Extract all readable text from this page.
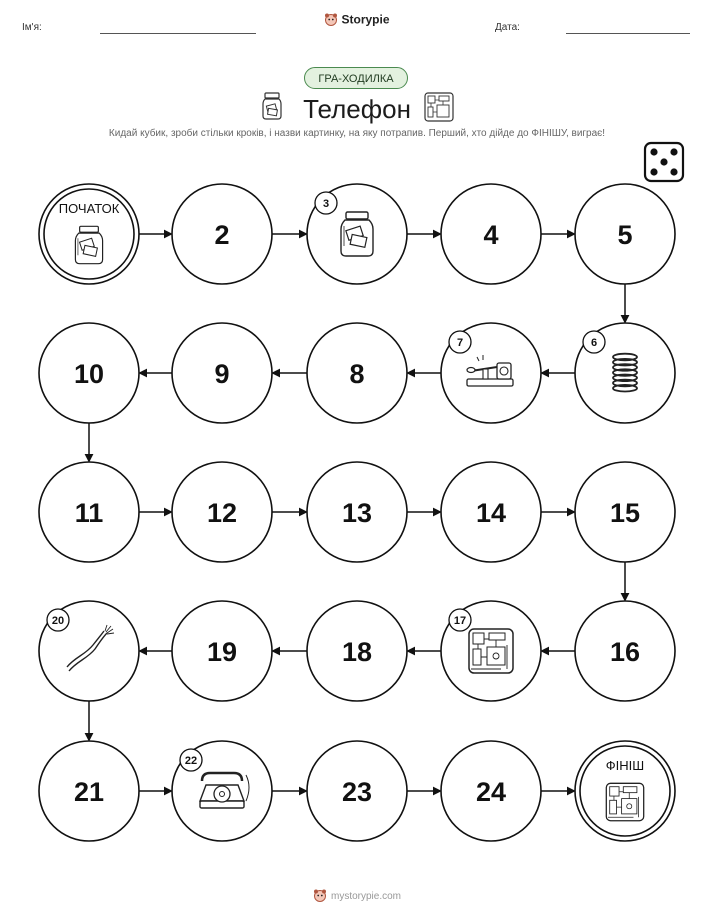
Ім'я:	Дата:
Storypie
ГРА-ХОДИЛКА
Телефон
Кидай кубик, зроби стільки кроків, і назви картинку, на яку потрапив. Перший, хто дійде до ФІНІШУ, виграє!
ПОЧАТОК
2
3
4	5
6
7
8
9
10
11	12	13	14	15
16
17
18
19
20
21
22
23	24
ФІНІШ
mystorypie.com
